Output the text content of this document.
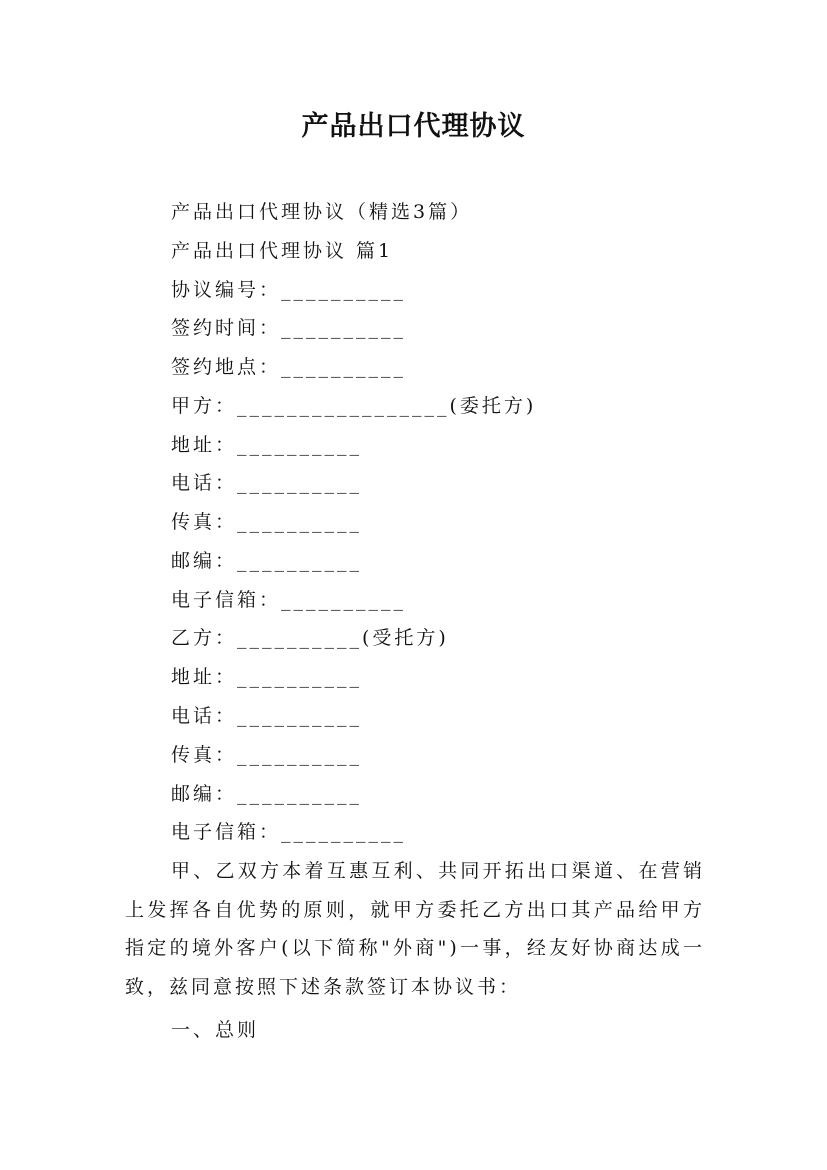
产品出口代理协议
产品出口代理协议（精选3篇）
产品出口代理协议 篇1
协议编号：__________
签约时间：__________
签约地点：__________
甲方：_________________(委托方)
地址：__________
电话：__________
传真：__________
邮编：__________
电子信箱：__________
乙方：__________(受托方)
地址：__________
电话：__________
传真：__________
邮编：__________
电子信箱：__________
甲、乙双方本着互惠互利、共同开拓出口渠道、在营销上发挥各自优势的原则，就甲方委托乙方出口其产品给甲方指定的境外客户(以下简称"外商")一事，经友好协商达成一致，兹同意按照下述条款签订本协议书：
一、总则
